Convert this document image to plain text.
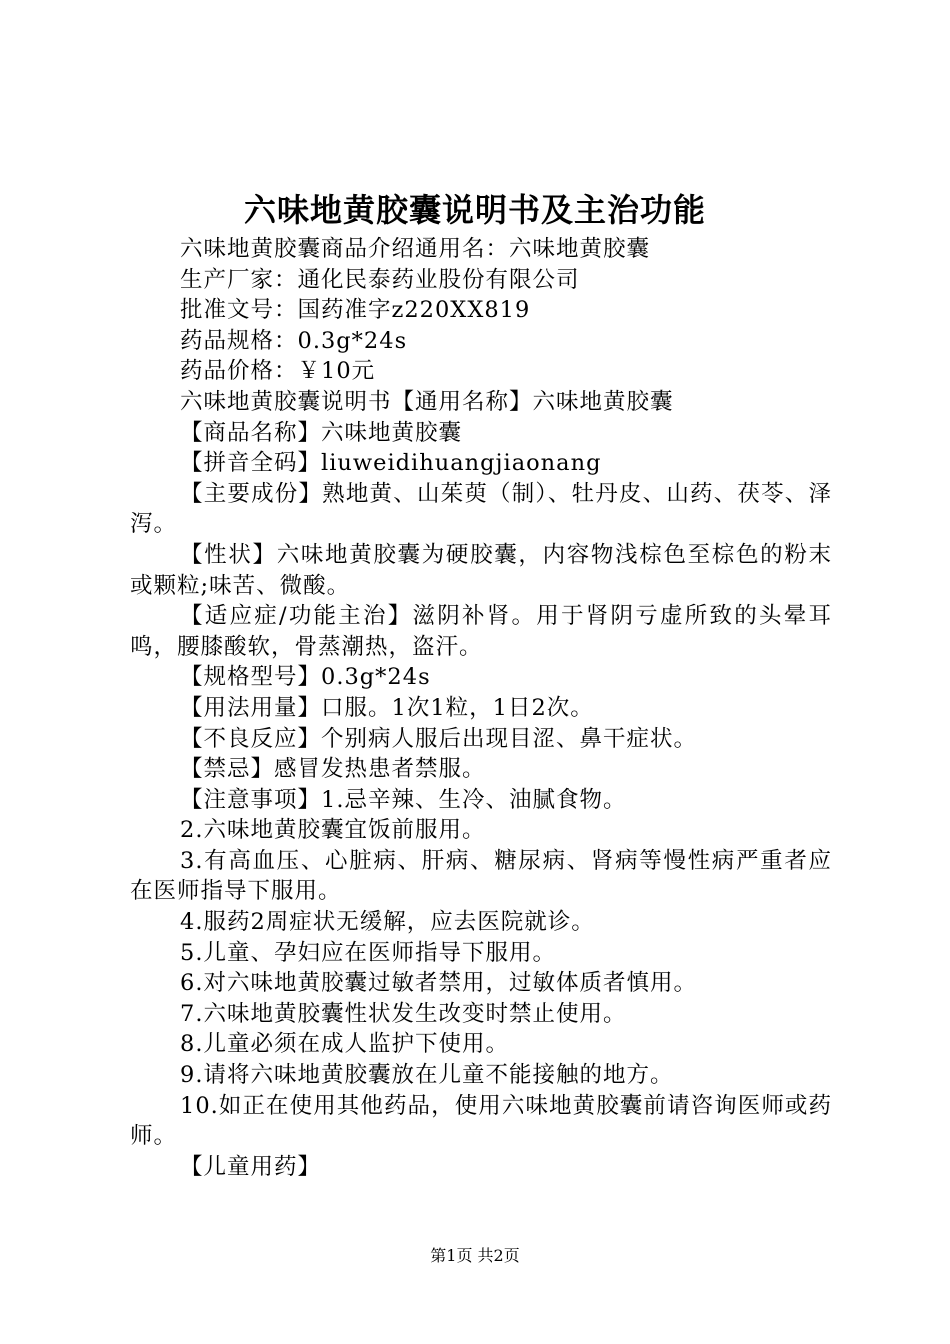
六味地黄胶囊说明书及主治功能

六味地黄胶囊商品介绍通用名：六味地黄胶囊

生产厂家：通化民泰药业股份有限公司

批准文号：国药准字z220XX819

药品规格：0.3g*24s

药品价格：￥10元

六味地黄胶囊说明书【通用名称】六味地黄胶囊

【商品名称】六味地黄胶囊

【拼音全码】liuweidihuangjiaonang

【主要成份】熟地黄、山茱萸（制）、牡丹皮、山药、茯苓、泽泻。

【性状】六味地黄胶囊为硬胶囊，内容物浅棕色至棕色的粉末或颗粒;味苦、微酸。

【适应症/功能主治】滋阴补肾。用于肾阴亏虚所致的头晕耳鸣，腰膝酸软，骨蒸潮热，盗汗。

【规格型号】0.3g*24s

【用法用量】口服。1次1粒，1日2次。

【不良反应】个别病人服后出现目涩、鼻干症状。

【禁忌】感冒发热患者禁服。

【注意事项】1.忌辛辣、生冷、油腻食物。

2.六味地黄胶囊宜饭前服用。

3.有高血压、心脏病、肝病、糖尿病、肾病等慢性病严重者应在医师指导下服用。

4.服药2周症状无缓解，应去医院就诊。

5.儿童、孕妇应在医师指导下服用。

6.对六味地黄胶囊过敏者禁用，过敏体质者慎用。

7.六味地黄胶囊性状发生改变时禁止使用。

8.儿童必须在成人监护下使用。

9.请将六味地黄胶囊放在儿童不能接触的地方。

10.如正在使用其他药品，使用六味地黄胶囊前请咨询医师或药师。

【儿童用药】

第1页 共2页
